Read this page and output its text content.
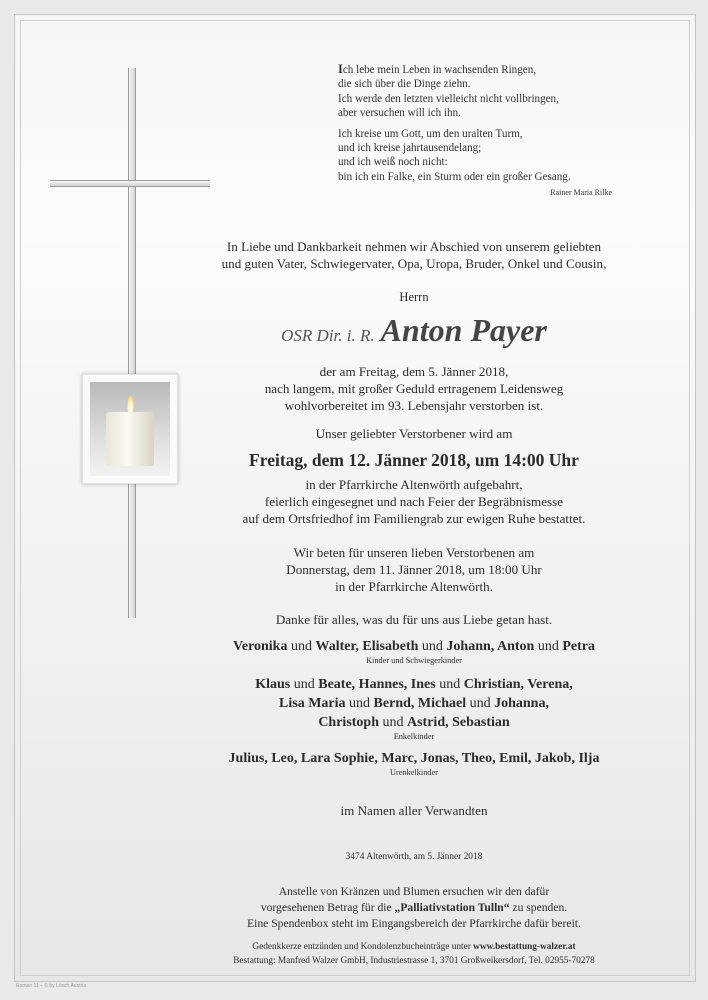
Ich lebe mein Leben in wachsenden Ringen,

die sich über die Dinge ziehn.

Ich werde den letzten vielleicht nicht vollbringen,

aber versuchen will ich ihn.

Ich kreise um Gott, um den uralten Turm,

und ich kreise jahrtausendelang;

und ich weiß noch nicht:

bin ich ein Falke, ein Sturm oder ein großer Gesang.

Rainer Maria Rilke

In Liebe und Dankbarkeit nehmen wir Abschied von unserem geliebten

und guten Vater, Schwiegervater, Opa, Uropa, Bruder, Onkel und Cousin,

Herrn

OSR Dir. i. R. Anton Payer

der am Freitag, dem 5. Jänner 2018,

nach langem, mit großer Geduld ertragenem Leidensweg

wohlvorbereitet im 93. Lebensjahr verstorben ist.

Unser geliebter Verstorbener wird am

Freitag, dem 12. Jänner 2018, um 14:00 Uhr

in der Pfarrkirche Altenwörth aufgebahrt,

feierlich eingesegnet und nach Feier der Begräbnismesse

auf dem Ortsfriedhof im Familiengrab zur ewigen Ruhe bestattet.

Wir beten für unseren lieben Verstorbenen am

Donnerstag, dem 11. Jänner 2018, um 18:00 Uhr

in der Pfarrkirche Altenwörth.

Danke für alles, was du für uns aus Liebe getan hast.

Veronika und Walter, Elisabeth und Johann, Anton und Petra

Kinder und Schwiegerkinder

Klaus und Beate, Hannes, Ines und Christian, Verena,

Lisa Maria und Bernd, Michael und Johanna,

Christoph und Astrid, Sebastian

Enkelkinder

Julius, Leo, Lara Sophie, Marc, Jonas, Theo, Emil, Jakob, Ilja

Urenkelkinder

im Namen aller Verwandten

3474 Altenwörth, am 5. Jänner 2018

Anstelle von Kränzen und Blumen ersuchen wir den dafür

vorgesehenen Betrag für die „Palliativstation Tulln“ zu spenden.

Eine Spendenbox steht im Eingangsbereich der Pfarrkirche dafür bereit.

Gedenkkerze entzünden und Kondolenzbucheinträge unter www.bestattung-walzer.at

Bestattung: Manfred Walzer GmbH, Industriestrasse 1, 3701 Großweikersdorf, Tel. 02955-70278

Roman 11 – © by Lösch Austria
